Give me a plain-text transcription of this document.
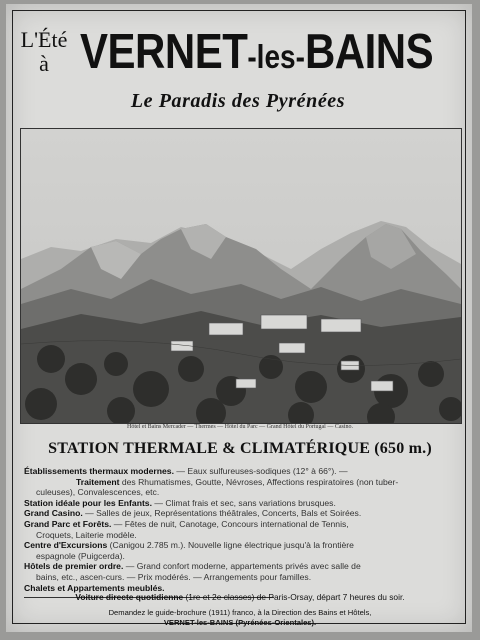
L'Été
à VERNET-les-BAINS
Le Paradis des Pyrénées
Hôtel et Bains Mercader — Thermes — Hôtel du Parc — Grand Hôtel du Portugal — Casino.
STATION THERMALE & CLIMATÉRIQUE (650 m.)
Établissements thermaux modernes. — Eaux sulfureuses-sodiques (12° à 66°). —
Traitement des Rhumatismes, Goutte, Névroses, Affections respiratoires (non tuber-
culeuses), Convalescences, etc.
Station idéale pour les Enfants. — Climat frais et sec, sans variations brusques.
Grand Casino. — Salles de jeux, Représentations théâtrales, Concerts, Bals et Soirées.
Grand Parc et Forêts. — Fêtes de nuit, Canotage, Concours international de Tennis,
Croquets, Laiterie modèle.
Centre d'Excursions (Canigou 2.785 m.). Nouvelle ligne électrique jusqu'à la frontière
espagnole (Puigcerda).
Hôtels de premier ordre. — Grand confort moderne, appartements privés avec salle de
bains, etc., ascen-curs. — Prix modérés. — Arrangements pour familles.
Chalets et Appartements meublés.
Voiture directe quotidienne (1re et 2e classes) de Paris-Orsay, départ 7 heures du soir.
Demandez le guide-brochure (1911) franco, à la Direction des Bains et Hôtels,
VERNET-les-BAINS (Pyrénées-Orientales).
